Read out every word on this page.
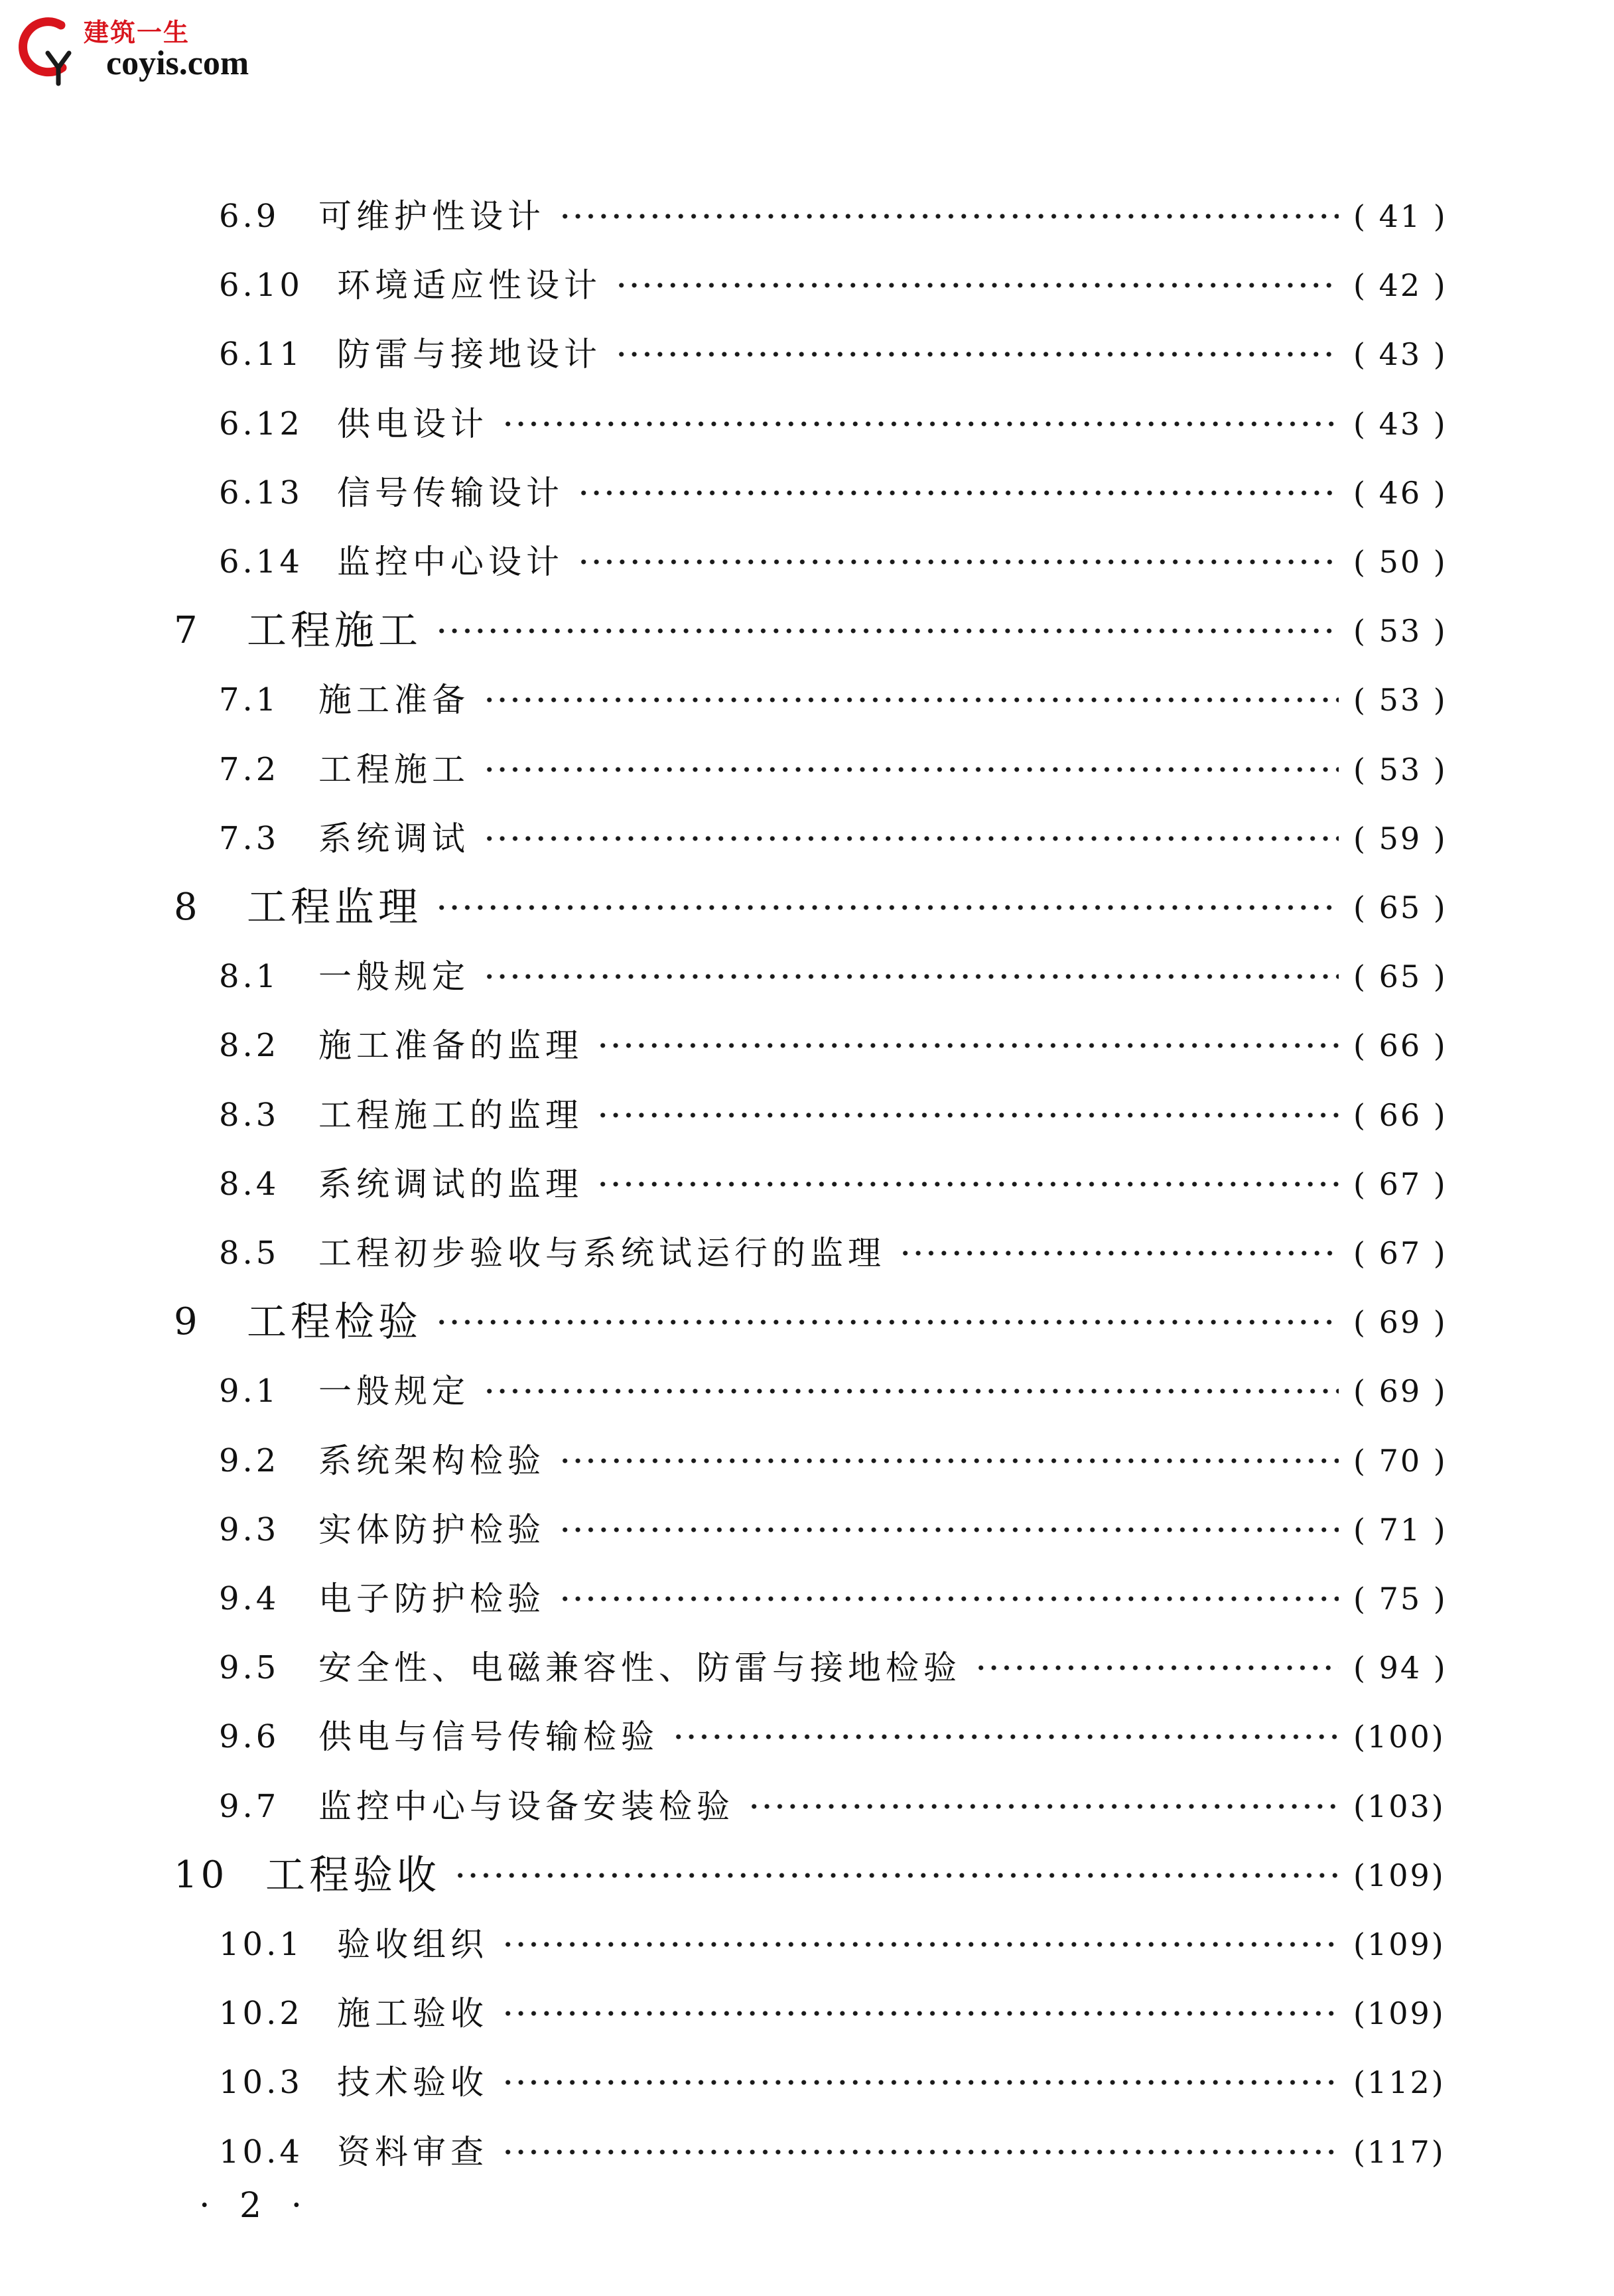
建筑一生
coyis.com
6.9 可维护性设计	( 41 )
6.10 环境适应性设计	( 42 )
6.11 防雷与接地设计	( 43 )
6.12 供电设计	( 43 )
6.13 信号传输设计	( 46 )
6.14 监控中心设计	( 50 )
7 工程施工	( 53 )
7.1 施工准备	( 53 )
7.2 工程施工	( 53 )
7.3 系统调试	( 59 )
8 工程监理	( 65 )
8.1 一般规定	( 65 )
8.2 施工准备的监理	( 66 )
8.3 工程施工的监理	( 66 )
8.4 系统调试的监理	( 67 )
8.5 工程初步验收与系统试运行的监理	( 67 )
9 工程检验	( 69 )
9.1 一般规定	( 69 )
9.2 系统架构检验	( 70 )
9.3 实体防护检验	( 71 )
9.4 电子防护检验	( 75 )
9.5 安全性、电磁兼容性、防雷与接地检验	( 94 )
9.6 供电与信号传输检验	(100)
9.7 监控中心与设备安装检验	(103)
10 工程验收	(109)
10.1 验收组织	(109)
10.2 施工验收	(109)
10.3 技术验收	(112)
10.4 资料审查	(117)
· 2 ·
